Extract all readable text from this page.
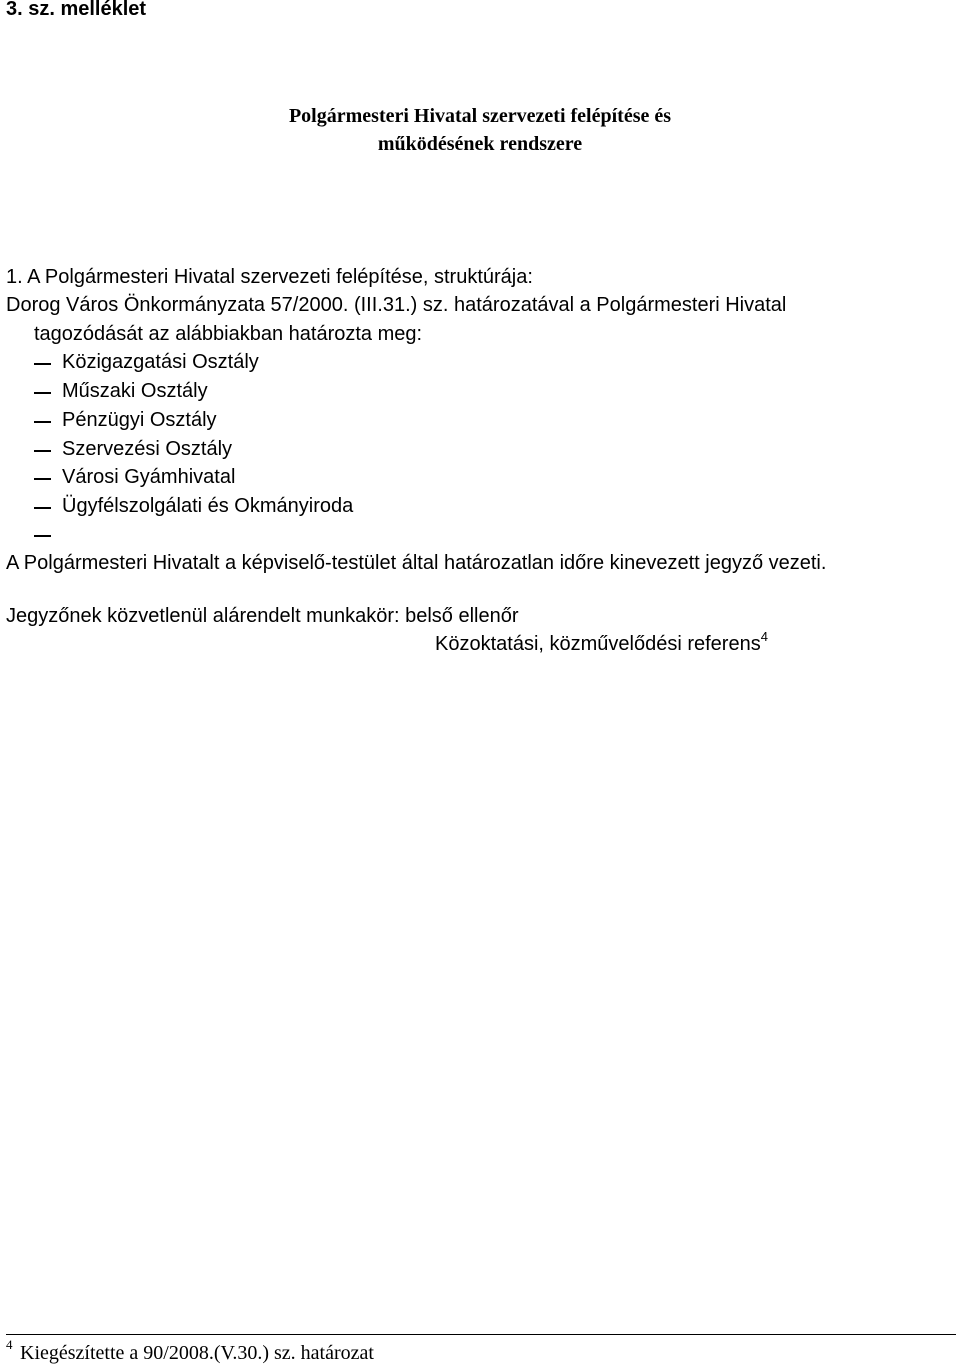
3. sz. melléklet
Polgármesteri Hivatal szervezeti felépítése és
működésének rendszere
1. A Polgármesteri Hivatal szervezeti felépítése, struktúrája:
Dorog Város Önkormányzata 57/2000. (III.31.) sz. határozatával a Polgármesteri Hivatal
tagozódását az alábbiakban határozta meg:
Közigazgatási Osztály
Műszaki Osztály
Pénzügyi Osztály
Szervezési Osztály
Városi Gyámhivatal
Ügyfélszolgálati és Okmányiroda
A Polgármesteri Hivatalt a képviselő-testület által határozatlan időre kinevezett jegyző vezeti.
Jegyzőnek közvetlenül alárendelt munkakör: belső ellenőr
Közoktatási, közművelődési referens$^4$
4 Kiegészítette a 90/2008.(V.30.) sz. határozat
